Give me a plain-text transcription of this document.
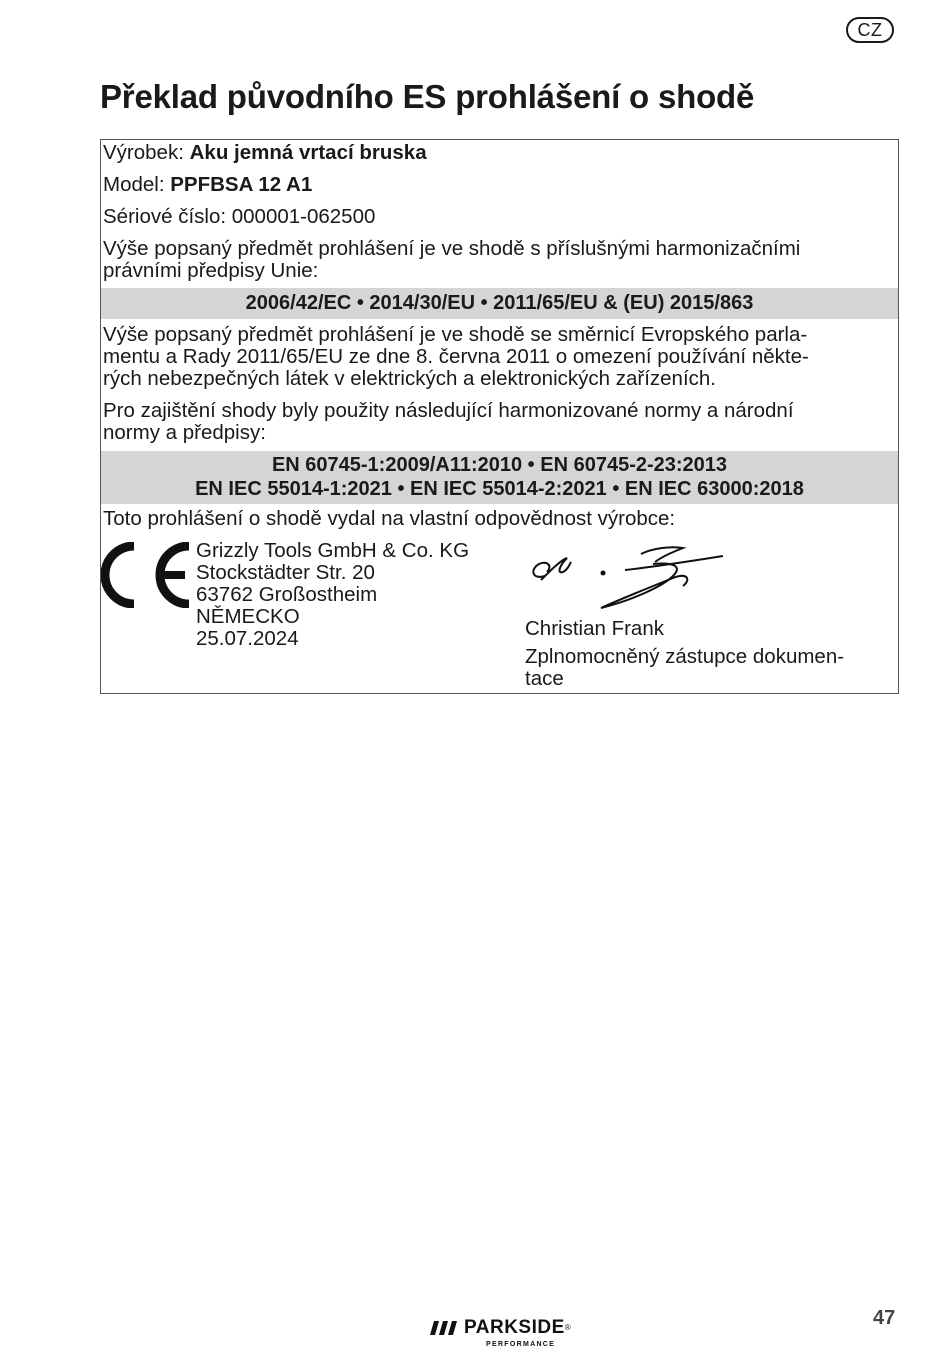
CZ
Překlad původního ES prohlášení o shodě
Výrobek: Aku jemná vrtací bruska
Model: PPFBSA 12 A1
Sériové číslo: 000001-062500
Výše popsaný předmět prohlášení je ve shodě s příslušnými harmonizačními
právními předpisy Unie:
2006/42/EC • 2014/30/EU • 2011/65/EU & (EU) 2015/863
Výše popsaný předmět prohlášení je ve shodě se směrnicí Evropského parla-
mentu a Rady 2011/65/EU ze dne 8. června 2011 o omezení používání někte-
rých nebezpečných látek v elektrických a elektronických zařízeních.
Pro zajištění shody byly použity následující harmonizované normy a národní
normy a předpisy:
EN 60745-1:2009/A11:2010 • EN 60745-2-23:2013
EN IEC 55014-1:2021 • EN IEC 55014-2:2021 • EN IEC 63000:2018
Toto prohlášení o shodě vydal na vlastní odpovědnost výrobce:
Grizzly Tools GmbH & Co. KG
Stockstädter Str. 20
63762 Großostheim
NĚMECKO
25.07.2024	Christian Frank
Zplnomocněný zástupce dokumen-
tace
PARKSIDE®
PERFORMANCE
47
